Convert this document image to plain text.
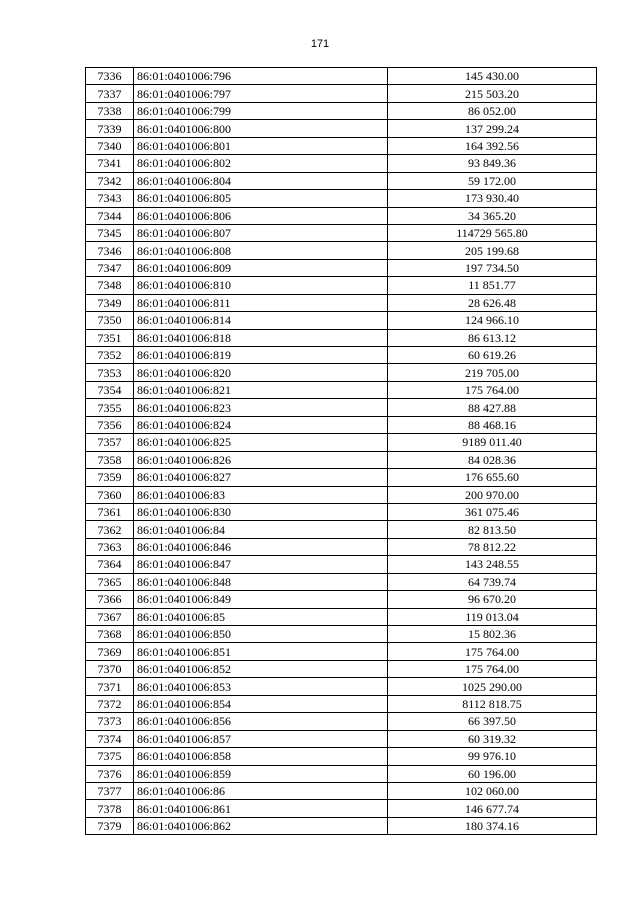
171
7336	86:01:0401006:796	145 430.00
7337	86:01:0401006:797	215 503.20
7338	86:01:0401006:799	86 052.00
7339	86:01:0401006:800	137 299.24
7340	86:01:0401006:801	164 392.56
7341	86:01:0401006:802	93 849.36
7342	86:01:0401006:804	59 172.00
7343	86:01:0401006:805	173 930.40
7344	86:01:0401006:806	34 365.20
7345	86:01:0401006:807	114729 565.80
7346	86:01:0401006:808	205 199.68
7347	86:01:0401006:809	197 734.50
7348	86:01:0401006:810	11 851.77
7349	86:01:0401006:811	28 626.48
7350	86:01:0401006:814	124 966.10
7351	86:01:0401006:818	86 613.12
7352	86:01:0401006:819	60 619.26
7353	86:01:0401006:820	219 705.00
7354	86:01:0401006:821	175 764.00
7355	86:01:0401006:823	88 427.88
7356	86:01:0401006:824	88 468.16
7357	86:01:0401006:825	9189 011.40
7358	86:01:0401006:826	84 028.36
7359	86:01:0401006:827	176 655.60
7360	86:01:0401006:83	200 970.00
7361	86:01:0401006:830	361 075.46
7362	86:01:0401006:84	82 813.50
7363	86:01:0401006:846	78 812.22
7364	86:01:0401006:847	143 248.55
7365	86:01:0401006:848	64 739.74
7366	86:01:0401006:849	96 670.20
7367	86:01:0401006:85	119 013.04
7368	86:01:0401006:850	15 802.36
7369	86:01:0401006:851	175 764.00
7370	86:01:0401006:852	175 764.00
7371	86:01:0401006:853	1025 290.00
7372	86:01:0401006:854	8112 818.75
7373	86:01:0401006:856	66 397.50
7374	86:01:0401006:857	60 319.32
7375	86:01:0401006:858	99 976.10
7376	86:01:0401006:859	60 196.00
7377	86:01:0401006:86	102 060.00
7378	86:01:0401006:861	146 677.74
7379	86:01:0401006:862	180 374.16
